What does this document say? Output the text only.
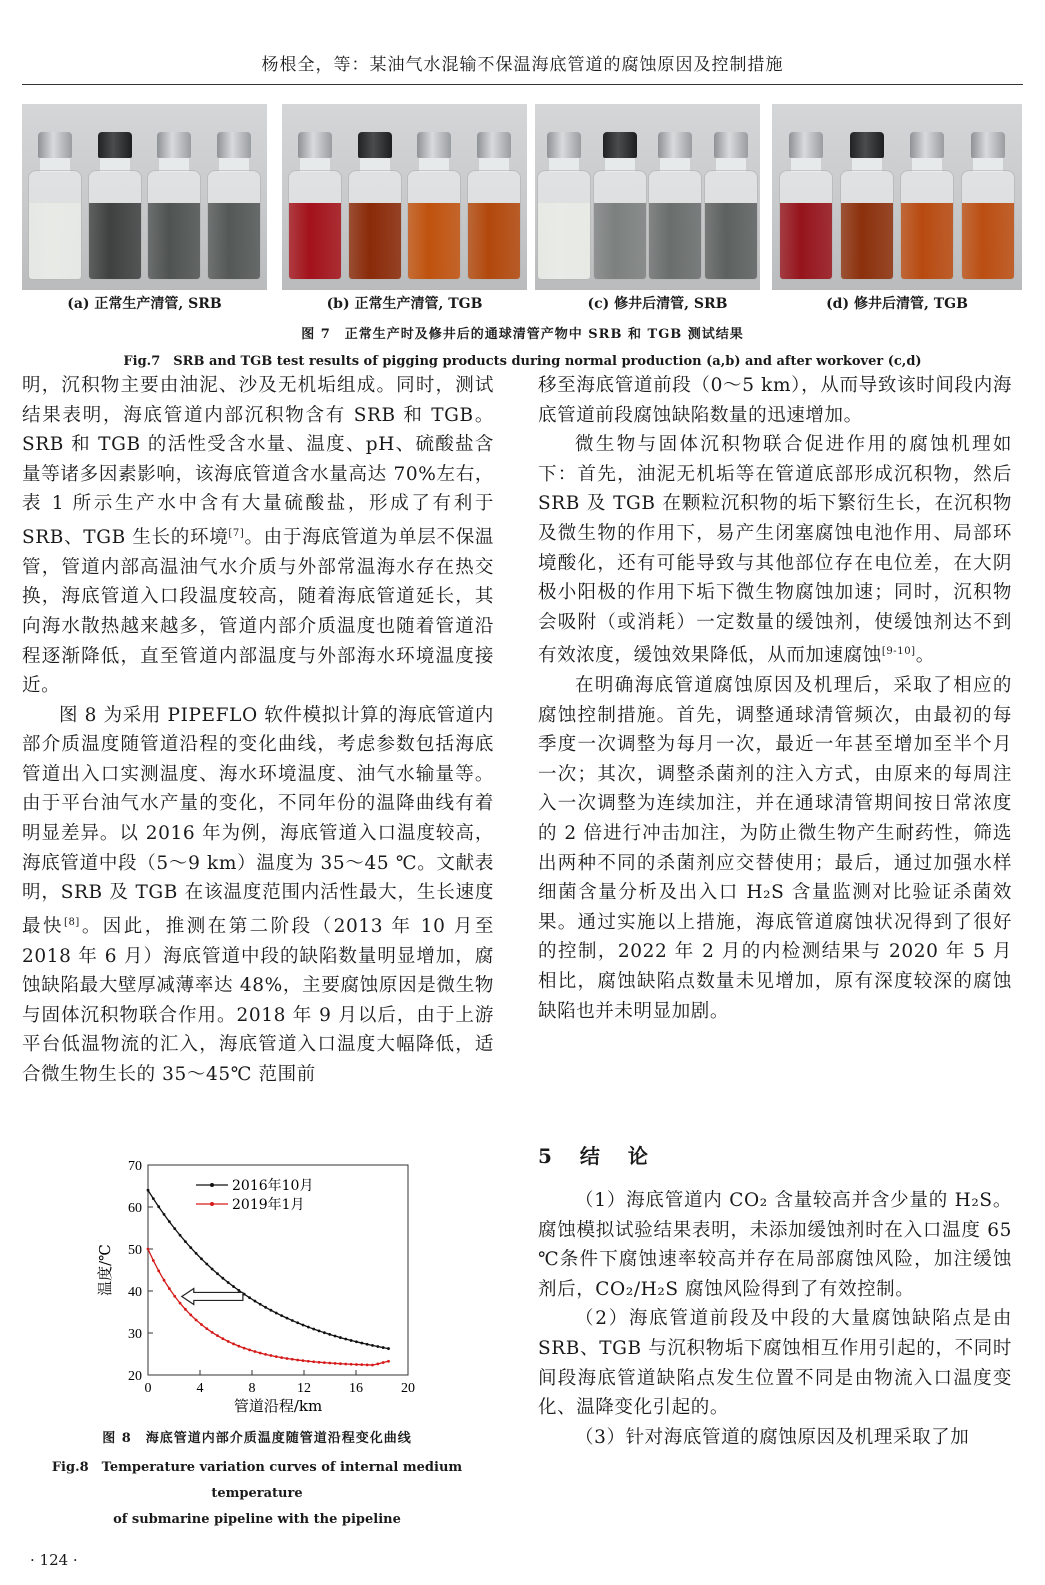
杨根全，等：某油气水混输不保温海底管道的腐蚀原因及控制措施
(a) 正常生产清管, SRB	(b) 正常生产清管, TGB	(c) 修井后清管, SRB	(d) 修井后清管, TGB
图 7　正常生产时及修井后的通球清管产物中 SRB 和 TGB 测试结果
Fig.7　SRB and TGB test results of pigging products during normal production (a,b) and after workover (c,d)

明，沉积物主要由油泥、沙及无机垢组成。同时，测试结果表明，海底管道内部沉积物含有 SRB 和 TGB。SRB 和 TGB 的活性受含水量、温度、pH、硫酸盐含量等诸多因素影响，该海底管道含水量高达 70%左右，表 1 所示生产水中含有大量硫酸盐，形成了有利于 SRB、TGB 生长的环境[7]。由于海底管道为单层不保温管，管道内部高温油气水介质与外部常温海水存在热交换，海底管道入口段温度较高，随着海底管道延长，其向海水散热越来越多，管道内部介质温度也随着管道沿程逐渐降低，直至管道内部温度与外部海水环境温度接近。

图 8 为采用 PIPEFLO 软件模拟计算的海底管道内部介质温度随管道沿程的变化曲线，考虑参数包括海底管道出入口实测温度、海水环境温度、油气水输量等。由于平台油气水产量的变化，不同年份的温降曲线有着明显差异。以 2016 年为例，海底管道入口温度较高，海底管道中段（5～9 km）温度为 35～45 ℃。文献表明，SRB 及 TGB 在该温度范围内活性最大，生长速度最快[8]。因此，推测在第二阶段（2013 年 10 月至 2018 年 6 月）海底管道中段的缺陷数量明显增加，腐蚀缺陷最大壁厚减薄率达 48%，主要腐蚀原因是微生物与固体沉积物联合作用。2018 年 9 月以后，由于上游平台低温物流的汇入，海底管道入口温度大幅降低，适合微生物生长的 35～45℃ 范围前

0	4	8	12	16	20
20
30
40
50
60
70
管道沿程/km
温度/℃
2016年10月
2019年1月
图 8　海底管道内部介质温度随管道沿程变化曲线
Fig.8　Temperature variation curves of internal medium temperature
of submarine pipeline with the pipeline

移至海底管道前段（0～5 km），从而导致该时间段内海底管道前段腐蚀缺陷数量的迅速增加。

微生物与固体沉积物联合促进作用的腐蚀机理如下：首先，油泥无机垢等在管道底部形成沉积物，然后 SRB 及 TGB 在颗粒沉积物的垢下繁衍生长，在沉积物及微生物的作用下，易产生闭塞腐蚀电池作用、局部环境酸化，还有可能导致与其他部位存在电位差，在大阴极小阳极的作用下垢下微生物腐蚀加速；同时，沉积物会吸附（或消耗）一定数量的缓蚀剂，使缓蚀剂达不到有效浓度，缓蚀效果降低，从而加速腐蚀[9-10]。

在明确海底管道腐蚀原因及机理后，采取了相应的腐蚀控制措施。首先，调整通球清管频次，由最初的每季度一次调整为每月一次，最近一年甚至增加至半个月一次；其次，调整杀菌剂的注入方式，由原来的每周注入一次调整为连续加注，并在通球清管期间按日常浓度的 2 倍进行冲击加注，为防止微生物产生耐药性，筛选出两种不同的杀菌剂应交替使用；最后，通过加强水样细菌含量分析及出入口 H₂S 含量监测对比验证杀菌效果。通过实施以上措施，海底管道腐蚀状况得到了很好的控制，2022 年 2 月的内检测结果与 2020 年 5 月相比，腐蚀缺陷点数量未见增加，原有深度较深的腐蚀缺陷也并未明显加剧。

5　结　论

（1）海底管道内 CO₂ 含量较高并含少量的 H₂S。腐蚀模拟试验结果表明，未添加缓蚀剂时在入口温度 65 ℃条件下腐蚀速率较高并存在局部腐蚀风险，加注缓蚀剂后，CO₂/H₂S 腐蚀风险得到了有效控制。

（2）海底管道前段及中段的大量腐蚀缺陷点是由 SRB、TGB 与沉积物垢下腐蚀相互作用引起的，不同时间段海底管道缺陷点发生位置不同是由物流入口温度变化、温降变化引起的。

（3）针对海底管道的腐蚀原因及机理采取了加

· 124 ·
